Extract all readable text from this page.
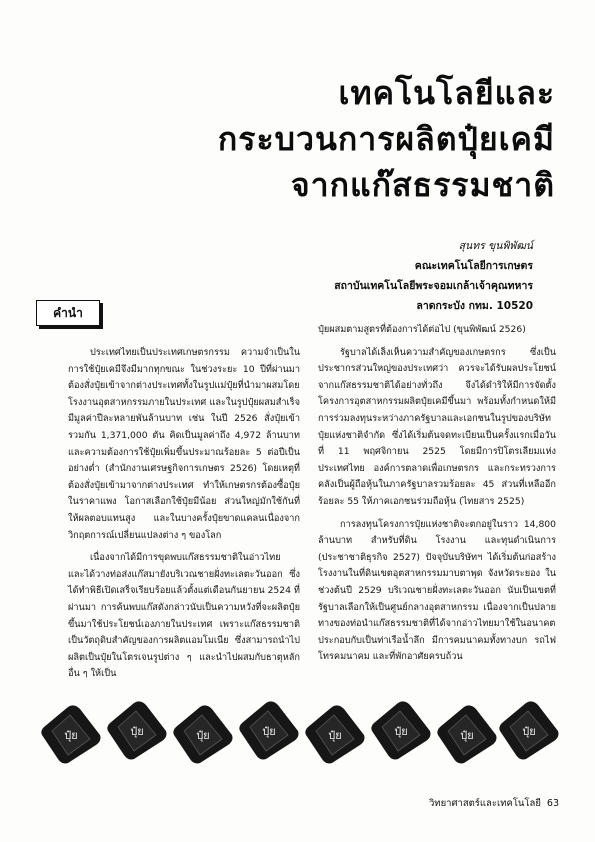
เทคโนโลยีและ
กระบวนการผลิตปุ๋ยเคมี
จากแก๊สธรรมชาติ
สุนทร ขุนพิพัฒน์
คณะเทคโนโลยีการเกษตร
สถาบันเทคโนโลยีพระจอมเกล้าเจ้าคุณทหาร
ลาดกระบัง กทม. 10520
คำนำ

ประเทศไทยเป็นประเทศเกษตรกรรม ความจำเป็นในการใช้ปุ๋ยเคมีจึงมีมากทุกขณะ ในช่วงระยะ 10 ปีที่ผ่านมาต้องสั่งปุ๋ยเข้าจากต่างประเทศทั้งในรูปแม่ปุ๋ยที่นำมาผสมโดยโรงงานอุตสาหกรรมภายในประเทศ และในรูปปุ๋ยผสมสำเร็จมีมูลค่าปีละหลายพันล้านบาท เช่น ในปี 2526 สั่งปุ๋ยเข้ารวมกัน 1,371,000 ตัน คิดเป็นมูลค่าถึง 4,972 ล้านบาท และความต้องการใช้ปุ๋ยเพิ่มขึ้นประมาณร้อยละ 5 ต่อปีเป็นอย่างต่ำ (สำนักงานเศรษฐกิจการเกษตร 2526) โดยเหตุที่ต้องสั่งปุ๋ยเข้ามาจากต่างประเทศ ทำให้เกษตรกรต้องซื้อปุ๋ยในราคาแพง โอกาสเลือกใช้ปุ๋ยมีน้อย ส่วนใหญ่มักใช้กันที่ให้ผลตอบแทนสูง และในบางครั้งปุ๋ยขาดแคลนเนื่องจากวิกฤตการณ์เปลี่ยนแปลงต่าง ๆ ของโลก

เนื่องจากได้มีการขุดพบแก๊สธรรมชาติในอ่าวไทย และได้วางท่อส่งแก๊สมายังบริเวณชายฝั่งทะเลตะวันออก ซึ่งได้ทำพิธีเปิดเสร็จเรียบร้อยแล้วตั้งแต่เดือนกันยายน 2524 ที่ผ่านมา การค้นพบแก๊สดังกล่าวนับเป็นความหวังที่จะผลิตปุ๋ยขึ้นมาใช้ประโยชน์เองภายในประเทศ เพราะแก๊สธรรมชาติเป็นวัตถุดิบสำคัญของการผลิตแอมโมเนีย ซึ่งสามารถนำไปผลิตเป็นปุ๋ยในโตรเจนรูปต่าง ๆ และนำไปผสมกับธาตุหลักอื่น ๆ ให้เป็น

ปุ๋ยผสมตามสูตรที่ต้องการได้ต่อไป (ขุนพิพัฒน์ 2526)

รัฐบาลได้เล็งเห็นความสำคัญของเกษตรกร ซึ่งเป็นประชากรส่วนใหญ่ของประเทศว่า ควรจะได้รับผลประโยชน์จากแก๊สธรรมชาติได้อย่างทั่วถึง จึงได้ดำริให้มีการจัดตั้งโครงการอุตสาหกรรมผลิตปุ๋ยเคมีขึ้นมา พร้อมทั้งกำหนดให้มีการร่วมลงทุนระหว่างภาครัฐบาลและเอกชนในรูปของบริษัทปุ๋ยแห่งชาติจำกัด ซึ่งได้เริ่มต้นจดทะเบียนเป็นครั้งแรกเมื่อวันที่ 11 พฤศจิกายน 2525 โดยมีการปิโตรเลียมแห่งประเทศไทย องค์การตลาดเพื่อเกษตรกร และกระทรวงการคลังเป็นผู้ถือหุ้นในภาครัฐบาลรวมร้อยละ 45 ส่วนที่เหลืออีกร้อยละ 55 ให้ภาคเอกชนร่วมถือหุ้น (ไทยสาร 2525)

การลงทุนโครงการปุ๋ยแห่งชาติจะตกอยู่ในราว 14,800 ล้านบาท สำหรับที่ดิน โรงงาน และทุนดำเนินการ (ประชาชาติธุรกิจ 2527) ปัจจุบันบริษัทฯ ได้เริ่มต้นก่อสร้างโรงงานในที่ดินเขตอุตสาหกรรมมาบตาพุด จังหวัดระยอง ในช่วงต้นปี 2529 บริเวณชายฝั่งทะเลตะวันออก นับเป็นเขตที่รัฐบาลเลือกให้เป็นศูนย์กลางอุตสาหกรรม เนื่องจากเป็นปลายทางของท่อนำแก๊สธรรมชาติที่ได้จากอ่าวไทยมาใช้ในอนาคต ประกอบกับเป็นท่าเรือน้ำลึก มีการคมนาคมทั้งทางบก รถไฟ โทรคมนาคม และที่พักอาศัยครบถ้วน

ปุ๋ย	ปุ๋ย	ปุ๋ย	ปุ๋ย	ปุ๋ย	ปุ๋ย	ปุ๋ย	ปุ๋ย
วิทยาศาสตร์และเทคโนโลยี 63
